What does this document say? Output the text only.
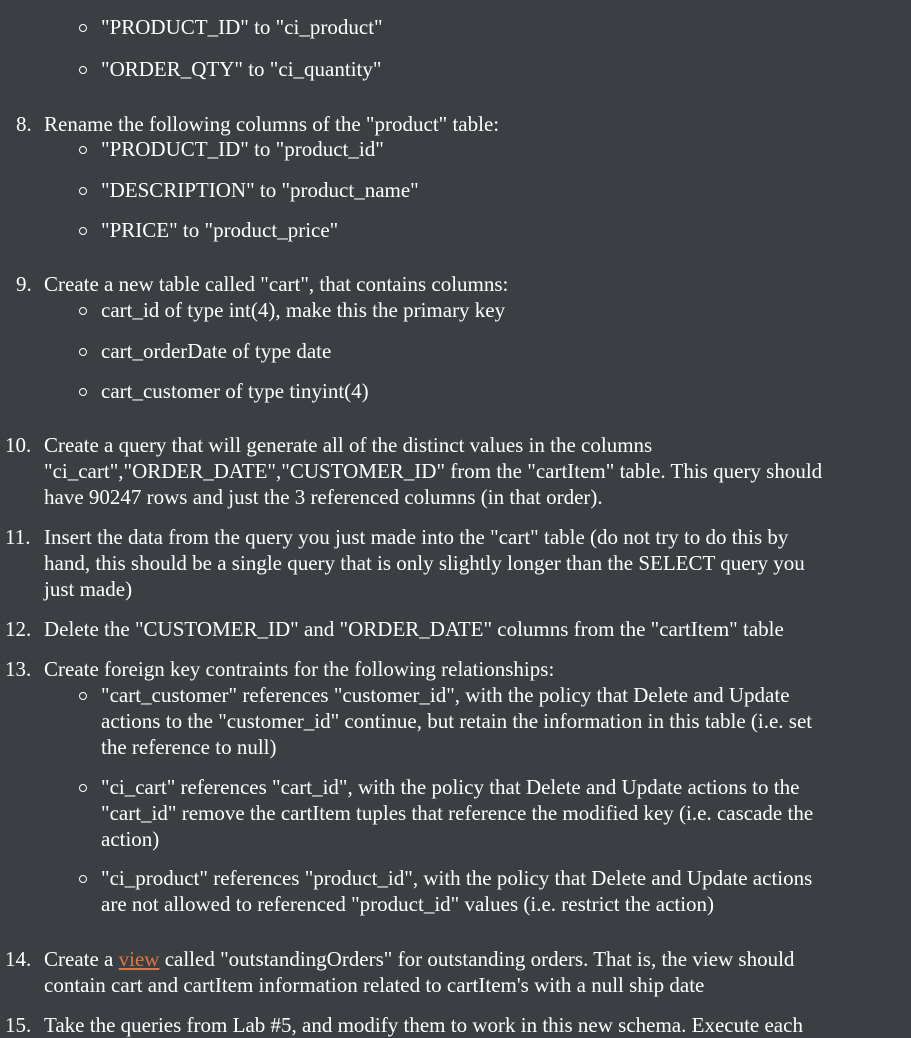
"PRODUCT_ID" to "ci_product"
"ORDER_QTY" to "ci_quantity"
8. Rename the following columns of the "product" table:
"PRODUCT_ID" to "product_id"
"DESCRIPTION" to "product_name"
"PRICE" to "product_price"
9. Create a new table called "cart", that contains columns:
cart_id of type int(4), make this the primary key
cart_orderDate of type date
cart_customer of type tinyint(4)
10. Create a query that will generate all of the distinct values in the columns
"ci_cart","ORDER_DATE","CUSTOMER_ID" from the "cartItem" table. This query should
have 90247 rows and just the 3 referenced columns (in that order).
11. Insert the data from the query you just made into the "cart" table (do not try to do this by
hand, this should be a single query that is only slightly longer than the SELECT query you
just made)
12. Delete the "CUSTOMER_ID" and "ORDER_DATE" columns from the "cartItem" table
13. Create foreign key contraints for the following relationships:
"cart_customer" references "customer_id", with the policy that Delete and Update
actions to the "customer_id" continue, but retain the information in this table (i.e. set
the reference to null)
"ci_cart" references "cart_id", with the policy that Delete and Update actions to the
"cart_id" remove the cartItem tuples that reference the modified key (i.e. cascade the
action)
"ci_product" references "product_id", with the policy that Delete and Update actions
are not allowed to referenced "product_id" values (i.e. restrict the action)
14. Create a view called "outstandingOrders" for outstanding orders. That is, the view should
contain cart and cartItem information related to cartItem's with a null ship date
15. Take the queries from Lab #5, and modify them to work in this new schema. Execute each
